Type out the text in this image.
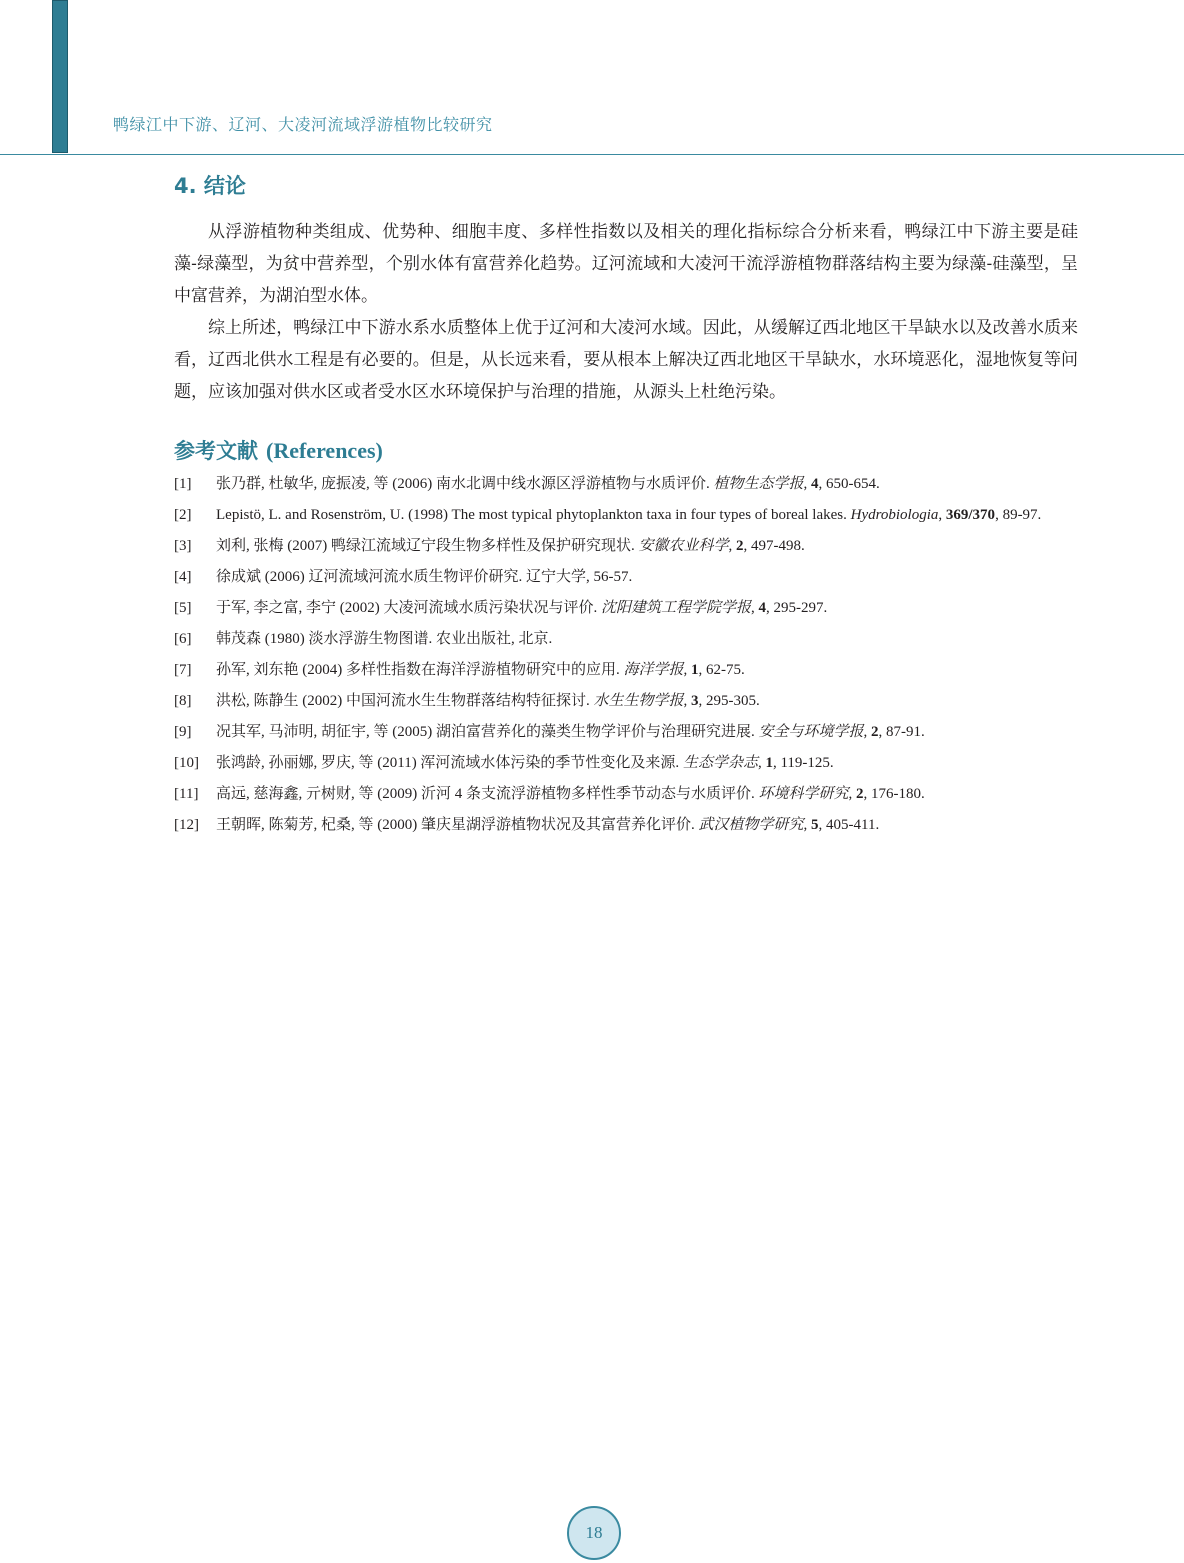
鸭绿江中下游、辽河、大凌河流域浮游植物比较研究
4. 结论

从浮游植物种类组成、优势种、细胞丰度、多样性指数以及相关的理化指标综合分析来看，鸭绿江中下游主要是硅藻-绿藻型，为贫中营养型，个别水体有富营养化趋势。辽河流域和大凌河干流浮游植物群落结构主要为绿藻-硅藻型，呈中富营养，为湖泊型水体。

综上所述，鸭绿江中下游水系水质整体上优于辽河和大凌河水域。因此，从缓解辽西北地区干旱缺水以及改善水质来看，辽西北供水工程是有必要的。但是，从长远来看，要从根本上解决辽西北地区干旱缺水，水环境恶化，湿地恢复等问题，应该加强对供水区或者受水区水环境保护与治理的措施，从源头上杜绝污染。

参考文献 (References)
[1] 张乃群, 杜敏华, 庞振凌, 等 (2006) 南水北调中线水源区浮游植物与水质评价. 植物生态学报, 4, 650-654.
[2] Lepistö, L. and Rosenström, U. (1998) The most typical phytoplankton taxa in four types of boreal lakes. Hydrobiologia, 369/370, 89-97.
[3] 刘利, 张梅 (2007) 鸭绿江流域辽宁段生物多样性及保护研究现状. 安徽农业科学, 2, 497-498.
[4] 徐成斌 (2006) 辽河流域河流水质生物评价研究. 辽宁大学, 56-57.
[5] 于军, 李之富, 李宁 (2002) 大凌河流域水质污染状况与评价. 沈阳建筑工程学院学报, 4, 295-297.
[6] 韩茂森 (1980) 淡水浮游生物图谱. 农业出版社, 北京.
[7] 孙军, 刘东艳 (2004) 多样性指数在海洋浮游植物研究中的应用. 海洋学报, 1, 62-75.
[8] 洪松, 陈静生 (2002) 中国河流水生生物群落结构特征探讨. 水生生物学报, 3, 295-305.
[9] 况其军, 马沛明, 胡征宇, 等 (2005) 湖泊富营养化的藻类生物学评价与治理研究进展. 安全与环境学报, 2, 87-91.
[10] 张鸿龄, 孙丽娜, 罗庆, 等 (2011) 浑河流域水体污染的季节性变化及来源. 生态学杂志, 1, 119-125.
[11] 高远, 慈海鑫, 亓树财, 等 (2009) 沂河 4 条支流浮游植物多样性季节动态与水质评价. 环境科学研究, 2, 176-180.
[12] 王朝晖, 陈菊芳, 杞桑, 等 (2000) 肇庆星湖浮游植物状况及其富营养化评价. 武汉植物学研究, 5, 405-411.
18
